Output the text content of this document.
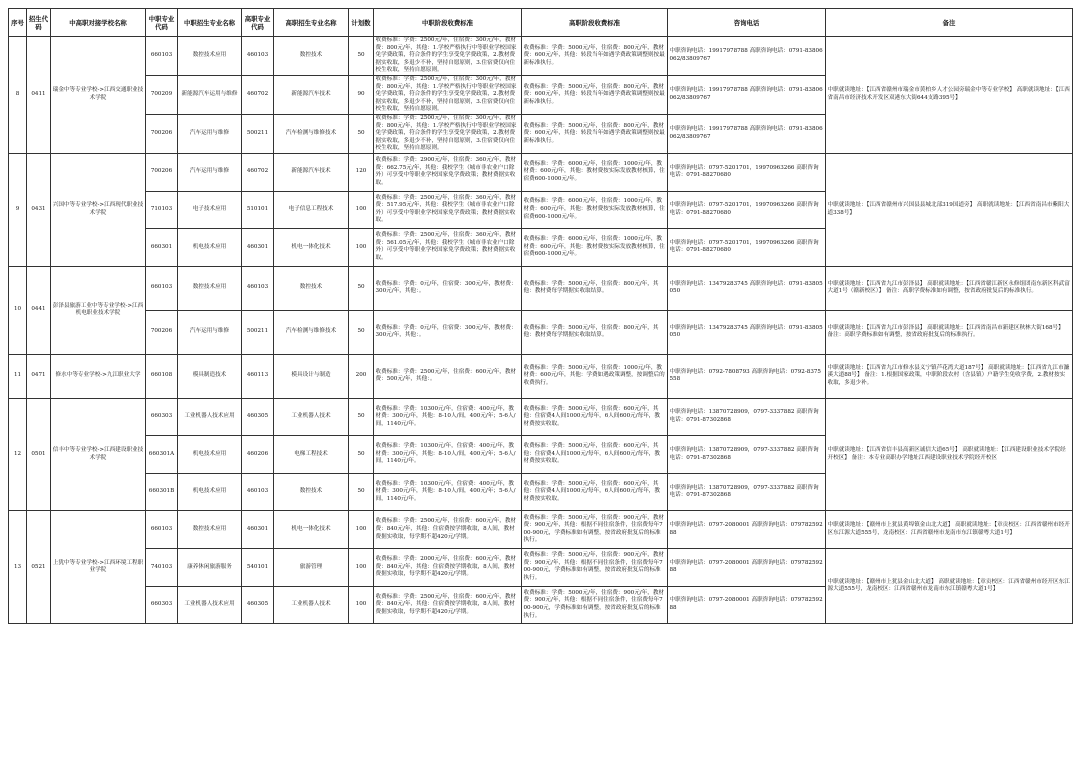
序号	招生代码	中高职对接学校名称	中职专业代码	中职招生专业名称	高职专业代码	高职招生专业名称	计划数	中职阶段收费标准	高职阶段收费标准	咨询电话	备注
8	0411	瑞金中等专业学校->江西交通职业技术学院	660103	数控技术应用	460103	数控技术	50	收费标准：学费：2500元/年，住宿费：300元/年，教材费：800元/年，其他：1.学校严格执行中等职业学校国家免学费政策，符合条件的学生享受免学费政策，2.教材费据实收取，多退少不补，坚持自愿原则，3.住宿费仅向住校生收取，坚持自愿原则。	收费标准：学费：5000元/年，住宿费：800元/年，教材费：600元/年，其他：转段当年如遇学费政策调整则按最新标准执行。	中职咨询电话：19917978788 高职咨询电话：0791-83806062/83809767	中职就读地址：【江西省赣州市瑞金市黄柏乡人才公园旁瑞金中等专业学校】 高职就读地址：【江西省南昌市经济技术开发区双港东大街644支路395号】
			700209	新能源汽车运用与维修	460702	新能源汽车技术	90	收费标准：学费：2500元/年，住宿费：300元/年，教材费：800元/年，其他：1.学校严格执行中等职业学校国家免学费政策，符合条件的学生享受免学费政策，2.教材费据实收取，多退少不补，坚持自愿原则，3.住宿费仅向住校生收取，坚持自愿原则。	收费标准：学费：5000元/年，住宿费：800元/年，教材费：600元/年，其他：转段当年如遇学费政策调整则按最新标准执行。	中职咨询电话：19917978788 高职咨询电话：0791-83806062/83809767	
			700206	汽车运用与维修	500211	汽车检测与维修技术	50	收费标准：学费：2500元/年，住宿费：300元/年，教材费：800元/年，其他：1.学校严格执行中等职业学校国家免学费政策，符合条件的学生享受免学费政策，2.教材费据实收取，多退少不补，坚持自愿原则，3.住宿费仅向住校生收取，坚持自愿原则。	收费标准：学费：5000元/年，住宿费：800元/年，教材费：600元/年，其他：转段当年如遇学费政策调整则按最新标准执行。	中职咨询电话：19917978788 高职咨询电话：0791-83806062/83809767	
9	0431	兴国中等专业学校->江西现代职业技术学院	700206	汽车运用与维修	460702	新能源汽车技术	120	收费标准：学费：2900元/年，住宿费：360元/年，教材费：662.75元/年，其他：我校学生（城市非农业户口除外）可享受中等职业学校国家免学费政策；教材费据实收取。	收费标准：学费：6000元/年，住宿费：1000元/年，教材费：600元/年，其他：教材费按实际发放教材核算，住宿费600-1000元/年。	中职咨询电话：0797-5201701，19970963266 高职咨询电话：0791-88270680	中职就读地址：【江西省赣州市兴国县县城北部319国道旁】 高职就读地址：【江西省南昌市紫阳大道338号】
			710103	电子技术应用	510101	电子信息工程技术	100	收费标准：学费：2500元/年，住宿费：360元/年，教材费：517.95元/年，其他：我校学生（城市非农业户口除外）可享受中等职业学校国家免学费政策；教材费据实收取。	收费标准：学费：6000元/年，住宿费：1000元/年，教材费：600元/年，其他：教材费按实际发放教材核算，住宿费600-1000元/年。	中职咨询电话：0797-5201701，19970963266 高职咨询电话：0791-88270680	
			660301	机电技术应用	460301	机电一体化技术	100	收费标准：学费：2500元/年，住宿费：360元/年，教材费：561.05元/年，其他：我校学生（城市非农业户口除外）可享受中等职业学校国家免学费政策；教材费据实收取。	收费标准：学费：6000元/年，住宿费：1000元/年，教材费：600元/年，其他：教材费按实际发放教材核算，住宿费600-1000元/年。	中职咨询电话：0797-5201701，19970963266 高职咨询电话：0791-88270680	
10	0441	彭泽县旅游工业中等专业学校->江西机电职业技术学院	660103	数控技术应用	460103	数控技术	50	收费标准：学费：0元/年，住宿费：300元/年，教材费：300元/年，其他：。	收费标准：学费：5000元/年，住宿费：800元/年，其他：教材费每学期据实收取结算。	中职咨询电话：13479283745 高职咨询电话：0791-83805050	中职就读地址：【江西省九江市彭泽县】 高职就读地址：【江西省赣江新区永修组团南东新区科武富大道1号（赣新校区）】 备注：高职学费标准如有调整，按省政府批复后的标准执行。
			700206	汽车运用与维修	500211	汽车检测与维修技术	50	收费标准：学费：0元/年，住宿费：300元/年，教材费：300元/年，其他：。	收费标准：学费：5000元/年，住宿费：800元/年，其他：教材费每学期据实收取结算。	中职咨询电话：13479283745 高职咨询电话：0791-83805050	中职就读地址：【江西省九江市彭泽县】 高职就读地址：【江西省南昌市新建区秋林大街168号】 备注：高职学费标准如有调整，按省政府批复后的标准执行。
11	0471	修水中等专业学校->九江职业大学	660108	模具制造技术	460113	模具设计与制造	200	收费标准：学费：2500元/年，住宿费：600元/年，教材费：500元/年，其他：。	收费标准：学费：5000元/年，住宿费：1000元/年，教材费：600元/年，其他：学费如遇政策调整，按调整后的收费执行。	中职咨询电话：0792-7808793 高职咨询电话：0792-8375558	中职就读地址：【江西省九江市修水县义宁镇芦花湾大道187号】 高职就读地址：【江西省九江市濂溪大道88号】 备注：1.根据国家政策，中职阶段农村（含县镇）户籍学生免收学费，2.教材按实收取，多退少补。
12	0501	信丰中等专业学校->江西建设职业技术学院	660303	工业机器人技术应用	460305	工业机器人技术	50	收费标准：学费：10300元/年，住宿费：400元/年，教材费：300元/年，其他：8-10人/间，400元/年；5-6人/间，1140元/年。	收费标准：学费：5000元/年，住宿费：600元/年，其他：住宿费4人间1000元/每年，6人间600元/每年，教材费按实收取。	中职咨询电话：13870728909，0797-3337882 高职咨询电话：0791-87302868	中职就读地址：【江西省信丰县高新区诚信大道65号】 高职就读地址：【江西建设职业技术学院经开校区】 备注：本专业高职办学地址江西建设职业技术学院经开校区
			660301A	机电技术应用	460206	电梯工程技术	50	收费标准：学费：10300元/年，住宿费：400元/年，教材费：300元/年，其他：8-10人/间，400元/年；5-6人/间，1140元/年。	收费标准：学费：5000元/年，住宿费：600元/年，其他：住宿费4人间1000元/每年，6人间600元/每年，教材费按实收取。	中职咨询电话：13870728909，0797-3337882 高职咨询电话：0791-87302868	
			660301B	机电技术应用	460103	数控技术	50	收费标准：学费：10300元/年，住宿费：400元/年，教材费：300元/年，其他：8-10人/间，400元/年；5-6人/间，1140元/年。	收费标准：学费：5000元/年，住宿费：600元/年，其他：住宿费4人间1000元/每年，6人间600元/每年，教材费按实收取。	中职咨询电话：13870728909，0797-3337882 高职咨询电话：0791-87302868	
13	0521	上犹中等专业学校->江西环境工程职业学院	660103	数控技术应用	460301	机电一体化技术	100	收费标准：学费：2500元/年，住宿费：600元/年，教材费：840元/年，其他：住宿费按学期收取，8人间，教材费据实收取，每学期不超420元/学期。	收费标准：学费：5000元/年，住宿费：900元/年，教材费：900元/年，其他：根据不同住宿条件，住宿费每年700-900元，学费标准如有调整，按省政府批复后的标准执行。	中职咨询电话：0797-2080001 高职咨询电话：07978259288	中职就读地址：【赣州市上犹县黄埠镇金山北大道】 高职就读地址：【章贡校区：江西省赣州市经开区东江源大道555号，龙南校区：江西省赣州市龙南市东江镇赣粤大道1号】
			740103	康养休闲旅游服务	540101	旅游管理	100	收费标准：学费：2000元/年，住宿费：600元/年，教材费：840元/年，其他：住宿费按学期收取，8人间，教材费据实收取，每学期不超420元/学期。	收费标准：学费：5000元/年，住宿费：900元/年，教材费：900元/年，其他：根据不同住宿条件，住宿费每年700-900元，学费标准如有调整，按省政府批复后的标准执行。	中职咨询电话：0797-2080001 高职咨询电话：07978259288	中职就读地址：【赣州市上犹县金山北大道】 高职就读地址：【章贡校区：江西省赣州市经开区东江源大道555号，龙南校区：江西省赣州市龙南市东江镇赣粤大道1号】
			660303	工业机器人技术应用	460305	工业机器人技术	100	收费标准：学费：2500元/年，住宿费：600元/年，教材费：840元/年，其他：住宿费按学期收取，8人间，教材费据实收取，每学期不超420元/学期。	收费标准：学费：5000元/年，住宿费：900元/年，教材费：900元/年，其他：根据不同住宿条件，住宿费每年700-900元，学费标准如有调整，按省政府批复后的标准执行。	中职咨询电话：0797-2080001 高职咨询电话：07978259288	
